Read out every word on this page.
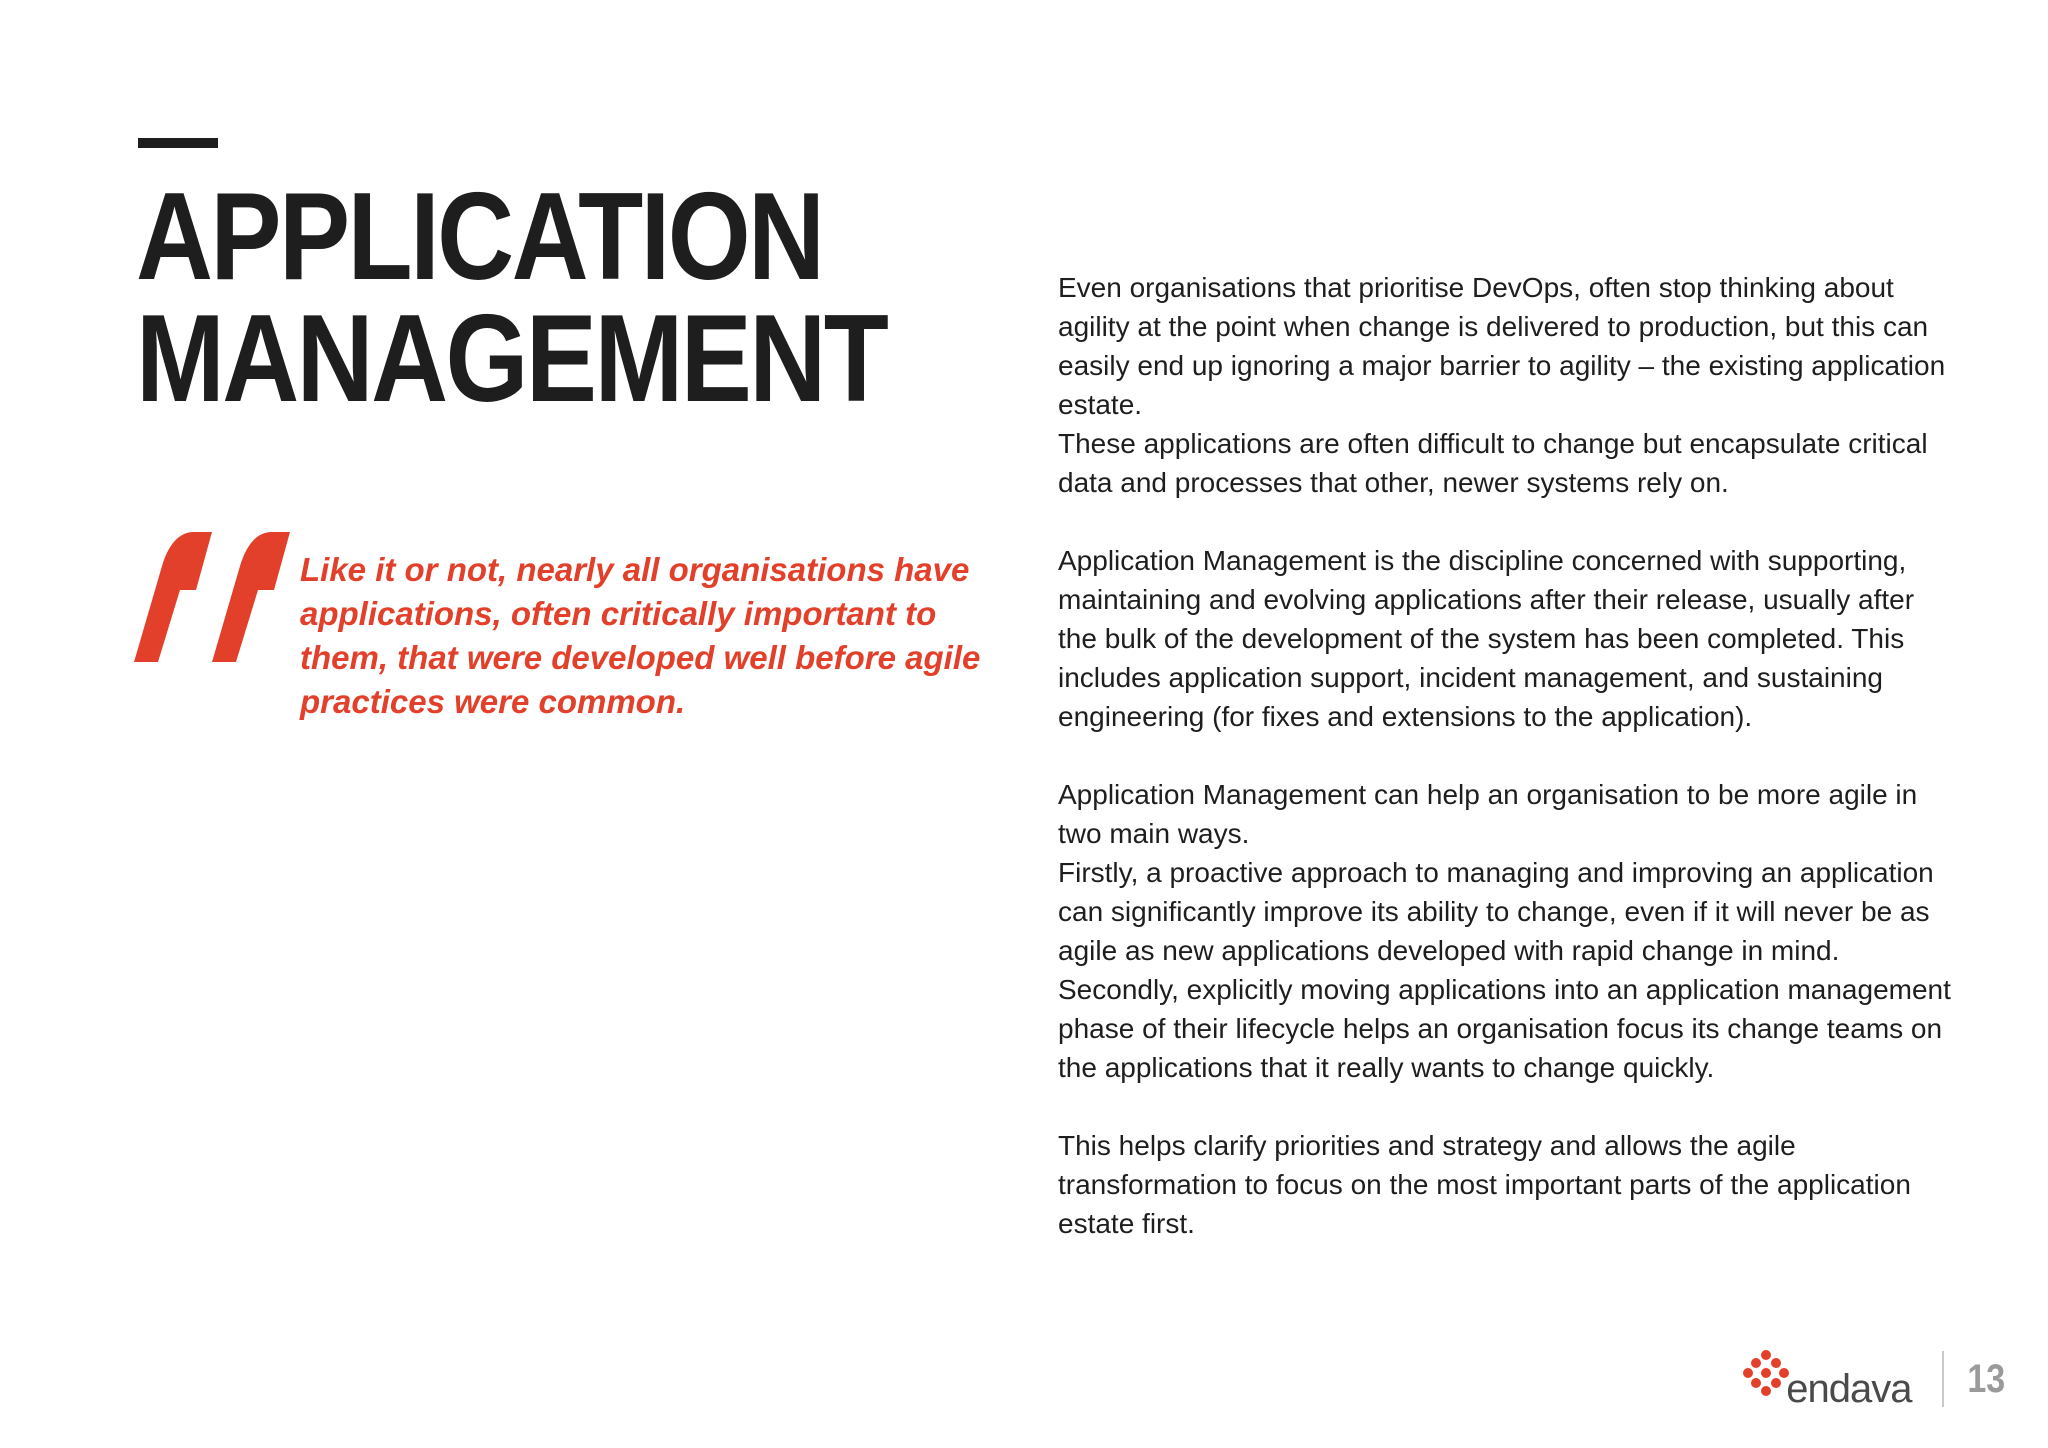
APPLICATION
MANAGEMENT

Like it or not, nearly all organisations have applications, often critically important to them, that were developed well before agile practices were common.

Even organisations that prioritise DevOps, often stop thinking about agility at the point when change is delivered to production, but this can easily end up ignoring a major barrier to agility – the existing application estate.
These applications are often difficult to change but encapsulate critical data and processes that other, newer systems rely on.

Application Management is the discipline concerned with supporting, maintaining and evolving applications after their release, usually after the bulk of the development of the system has been completed. This includes application support, incident management, and sustaining engineering (for fixes and extensions to the application).

Application Management can help an organisation to be more agile in two main ways.
Firstly, a proactive approach to managing and improving an application can significantly improve its ability to change, even if it will never be as agile as new applications developed with rapid change in mind. Secondly, explicitly moving applications into an application management phase of their lifecycle helps an organisation focus its change teams on the applications that it really wants to change quickly.

This helps clarify priorities and strategy and allows the agile transformation to focus on the most important parts of the application estate first.

endava 13
